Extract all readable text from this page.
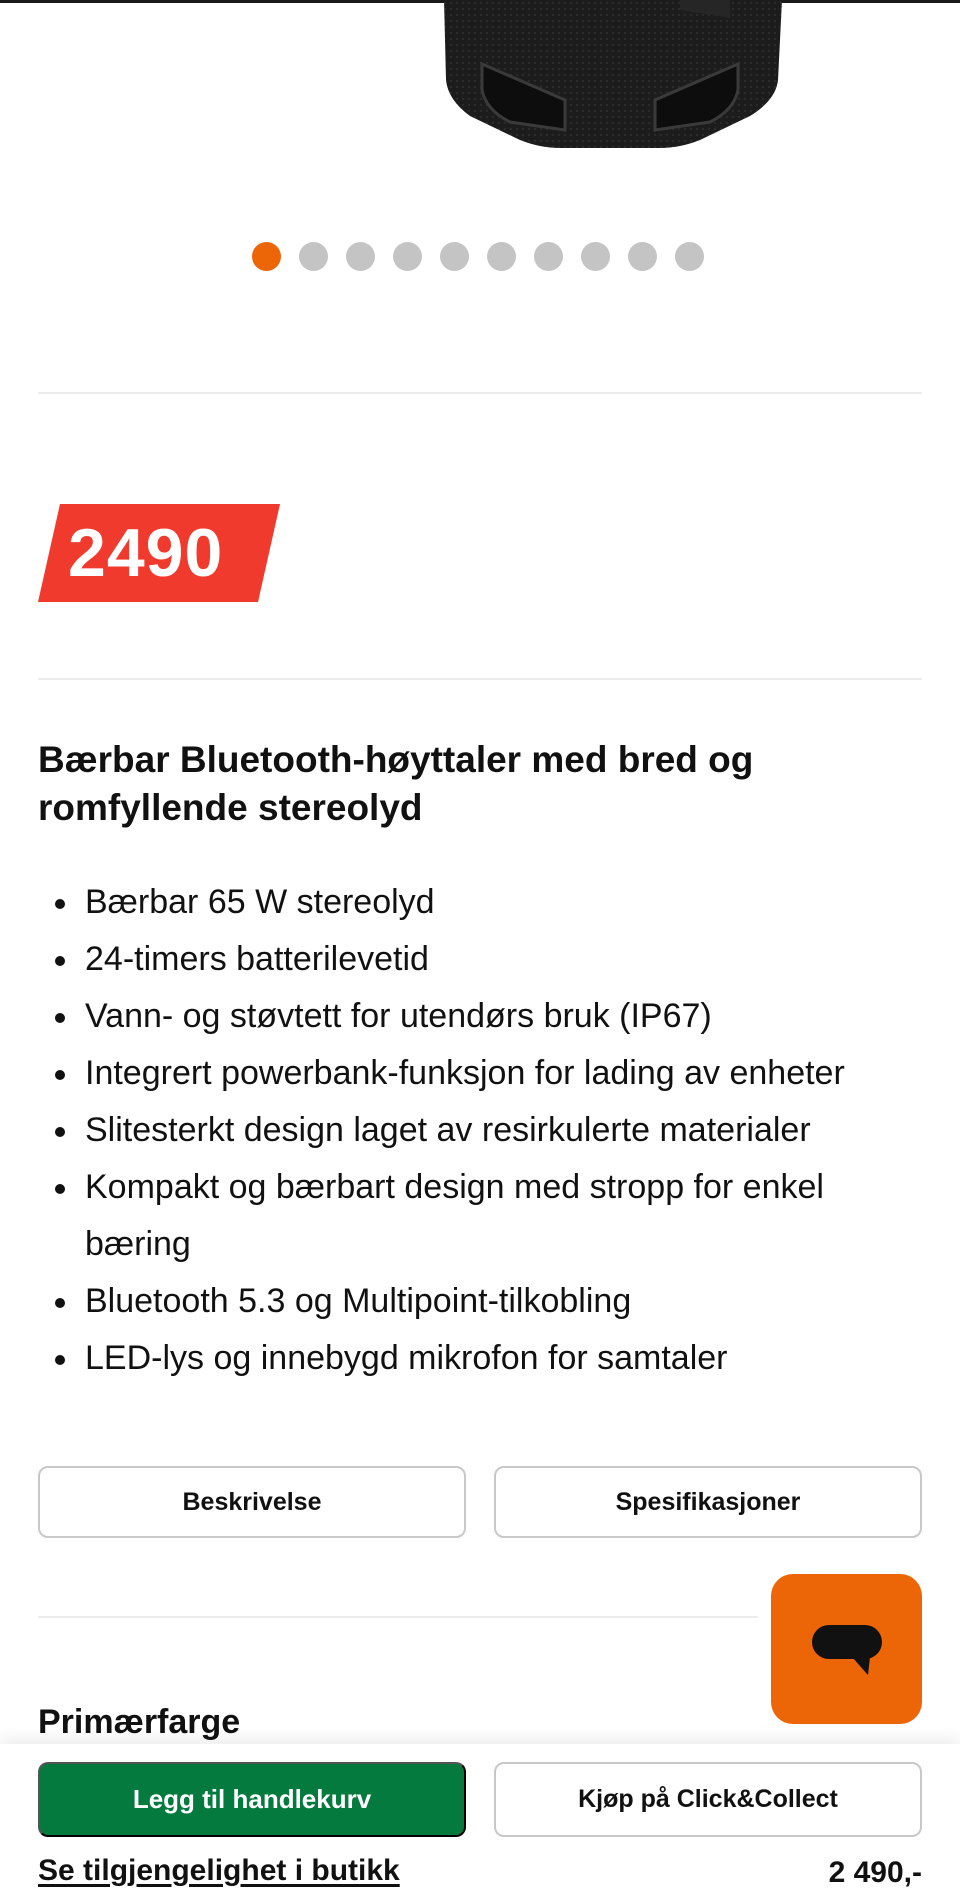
2490
Bærbar Bluetooth-høyttaler med bred og romfyllende stereolyd
Bærbar 65 W stereolyd
24-timers batterilevetid
Vann- og støvtett for utendørs bruk (IP67)
Integrert powerbank-funksjon for lading av enheter
Slitesterkt design laget av resirkulerte materialer
Kompakt og bærbart design med stropp for enkel bæring
Bluetooth 5.3 og Multipoint-tilkobling
LED-lys og innebygd mikrofon for samtaler
Beskrivelse	Spesifikasjoner
Primærfarge
Legg til handlekurv	Kjøp på Click&Collect
Se tilgjengelighet i butikk	2 490,-
